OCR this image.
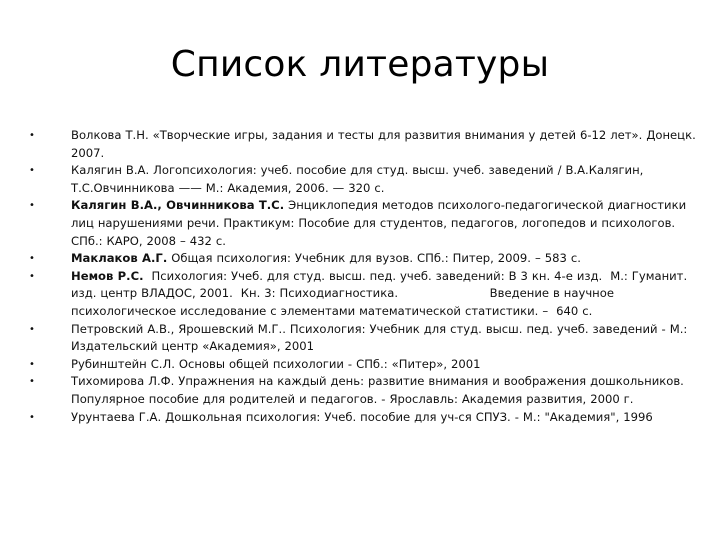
Список литературы
•	Волкова Т.Н. «Творческие игры, задания и тесты для развития внимания у детей 6-12 лет». Донецк. 2007.
•	Калягин В.А. Логопсихология: учеб. пособие для студ. высш. учеб. заведений / В.А.Калягин, Т.С.Овчинникова —— М.: Академия, 2006. — 320 с.
•	Калягин В.А., Овчинникова Т.С. Энциклопедия методов психолого-педагогической диагностики лиц нарушениями речи. Практикум: Пособие для студентов, педагогов, логопедов и психологов. СПб.: КАРО, 2008 – 432 с.
•	Маклаков А.Г. Общая психология: Учебник для вузов. СПб.: Питер, 2009. – 583 с.
•	Немов Р.С.  Психология: Учеб. для студ. высш. пед. учеб. заведений: В 3 кн. 4-е изд.  М.: Гуманит. изд. центр ВЛАДОС, 2001.  Кн. 3: Психодиагностика.                       Введение в научное психологическое исследование с элементами математической статистики. –  640 с.
•	Петровский А.В., Ярошевский М.Г.. Психология: Учебник для студ. высш. пед. учеб. заведений - М.: Издательский центр «Академия», 2001
•	Рубинштейн С.Л. Основы общей психологии - СПб.: «Питер», 2001
•	Тихомирова Л.Ф. Упражнения на каждый день: развитие внимания и воображения дошкольников. Популярное пособие для родителей и педагогов. - Ярославль: Академия развития, 2000 г.
•	Урунтаева Г.А. Дошкольная психология: Учеб. пособие для уч-ся СПУЗ. - М.: "Академия", 1996
